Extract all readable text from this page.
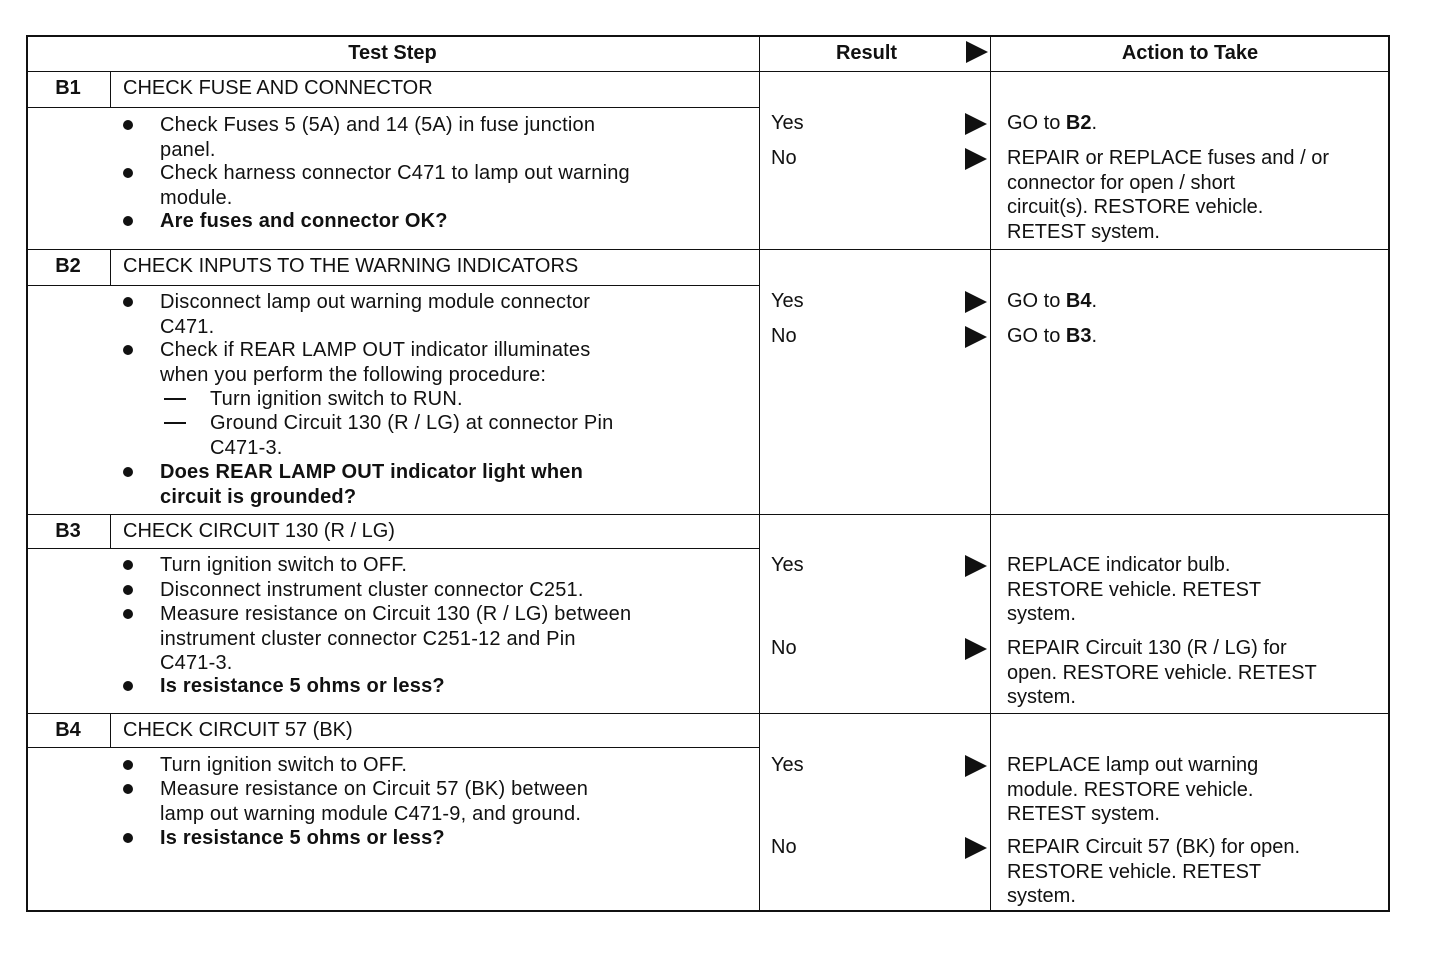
Test Step	Result	Action to Take
B1	CHECK FUSE AND CONNECTOR
Check Fuses 5 (5A) and 14 (5A) in fuse junction
panel.
Check harness connector C471 to lamp out warning
module.
Are fuses and connector OK?
Yes	GO to B2.
No	REPAIR or REPLACE fuses and / or
connector for open / short
circuit(s). RESTORE vehicle.
RETEST system.
B2	CHECK INPUTS TO THE WARNING INDICATORS
Disconnect lamp out warning module connector
C471.
Check if REAR LAMP OUT indicator illuminates
when you perform the following procedure:
Turn ignition switch to RUN.
Ground Circuit 130 (R / LG) at connector Pin
C471-3.
Does REAR LAMP OUT indicator light when
circuit is grounded?
Yes	GO to B4.
No	GO to B3.
B3	CHECK CIRCUIT 130 (R / LG)
Turn ignition switch to OFF.
Disconnect instrument cluster connector C251.
Measure resistance on Circuit 130 (R / LG) between
instrument cluster connector C251-12 and Pin
C471-3.
Is resistance 5 ohms or less?
Yes	REPLACE indicator bulb.
RESTORE vehicle. RETEST
system.
No	REPAIR Circuit 130 (R / LG) for
open. RESTORE vehicle. RETEST
system.
B4	CHECK CIRCUIT 57 (BK)
Turn ignition switch to OFF.
Measure resistance on Circuit 57 (BK) between
lamp out warning module C471-9, and ground.
Is resistance 5 ohms or less?
Yes	REPLACE lamp out warning
module. RESTORE vehicle.
RETEST system.
No	REPAIR Circuit 57 (BK) for open.
RESTORE vehicle. RETEST
system.
